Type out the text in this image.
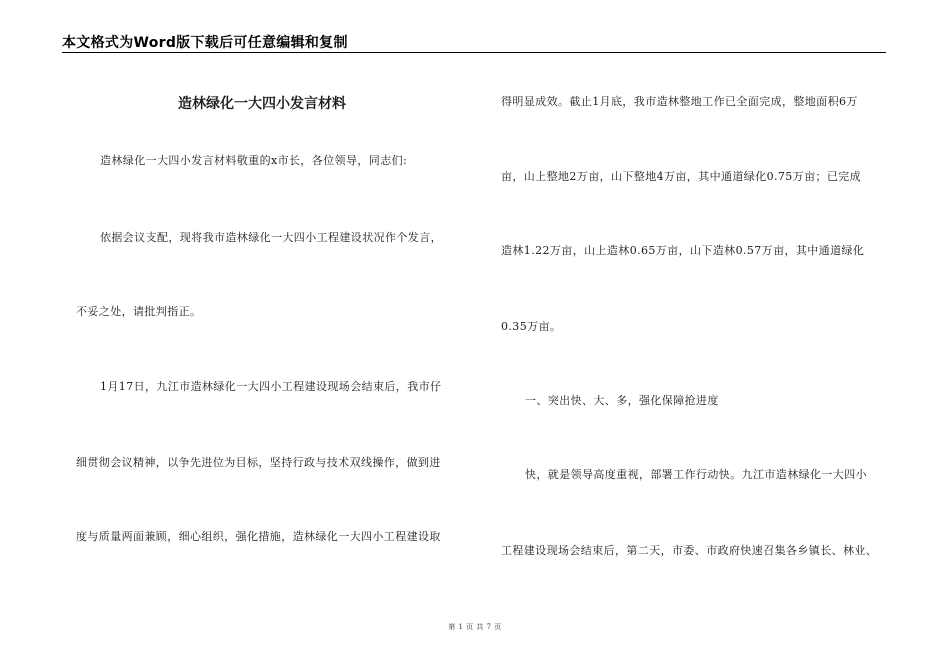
本文格式为Word版下载后可任意编辑和复制
造林绿化一大四小发言材料
造林绿化一大四小发言材料敬重的x市长，各位领导，同志们:
依据会议支配，现将我市造林绿化一大四小工程建设状况作个发言，
不妥之处，请批判指正。
1月17日，九江市造林绿化一大四小工程建设现场会结束后，我市仔
细贯彻会议精神，以争先进位为目标，坚持行政与技术双线操作，做到进
度与质量两面兼顾，细心组织，强化措施，造林绿化一大四小工程建设取
得明显成效。截止1月底，我市造林整地工作已全面完成，整地面积6万
亩，山上整地2万亩，山下整地4万亩，其中通道绿化0.75万亩；已完成
造林1.22万亩，山上造林0.65万亩，山下造林0.57万亩，其中通道绿化
0.35万亩。
一、突出快、大、多，强化保障抢进度
快，就是领导高度重视，部署工作行动快。九江市造林绿化一大四小
工程建设现场会结束后，第二天，市委、市政府快速召集各乡镇长、林业、
第 1 页 共 7 页
